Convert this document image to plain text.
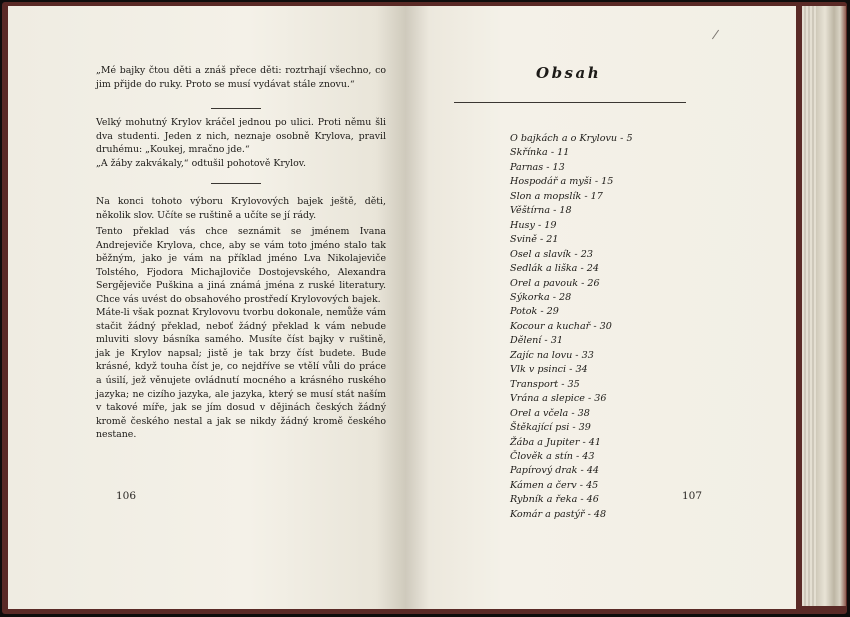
„Mé bajky čtou děti a znáš přece děti: roztrhají všechno, co jim přijde do ruky. Proto se musí vydávat stále znovu.“

Velký mohutný Krylov kráčel jednou po ulici. Proti němu šli dva studenti. Jeden z nich, neznaje osobně Krylova, pravil druhému: „Koukej, mračno jde.“

„A žáby zakvákaly,“ odtušil pohotově Krylov.

Na konci tohoto výboru Krylovových bajek ještě, děti, několik slov. Učíte se ruštině a učíte se jí rády.

Tento překlad vás chce seznámit se jménem Ivana Andrejeviče Krylova, chce, aby se vám toto jméno stalo tak běžným, jako je vám na příklad jméno Lva Nikolajeviče Tolstého, Fjodora Michajloviče Dostojevského, Alexandra Sergějeviče Puškina a jiná známá jména z ruské literatury. Chce vás uvést do obsahového prostředí Krylovových bajek.

Máte-li však poznat Krylovovu tvorbu dokonale, nemůže vám stačit žádný překlad, neboť žádný překlad k vám nebude mluviti slovy básníka samého. Musíte číst bajky v ruštině, jak je Krylov napsal; jistě je tak brzy číst budete. Bude krásné, když touha číst je, co nejdříve se vtělí vůli do práce a úsilí, jež věnujete ovládnutí mocného a krásného ruského jazyka; ne cizího jazyka, ale jazyka, který se musí stát naším v takové míře, jak se jím dosud v dějinách českých žádný kromě českého nestal a jak se nikdy žádný kromě českého nestane.

106
Obsah
O bajkách a o Krylovu - 5
Skřínka - 11
Parnas - 13
Hospodář a myši - 15
Slon a mopslík - 17
Věštírna - 18
Husy - 19
Svině - 21
Osel a slavík - 23
Sedlák a liška - 24
Orel a pavouk - 26
Sýkorka - 28
Potok - 29
Kocour a kuchař - 30
Dělení - 31
Zajíc na lovu - 33
Vlk v psinci - 34
Transport - 35
Vrána a slepice - 36
Orel a včela - 38
Štěkající psi - 39
Žába a Jupiter - 41
Člověk a stín - 43
Papírový drak - 44
Kámen a červ - 45
Rybník a řeka - 46
Komár a pastýř - 48
107
